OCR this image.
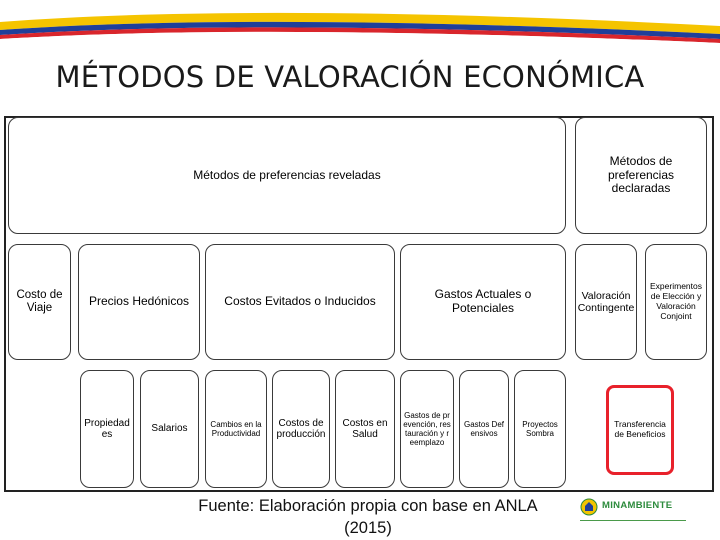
MÉTODOS DE VALORACIÓN ECONÓMICA
Métodos de preferencias reveladas
Métodos de preferencias declaradas
Costo de Viaje	Precios Hedónicos	Costos Evitados o Inducidos	Gastos Actuales o Potenciales
Valoración Contingente
Experimentos de Elección y Valoración Conjoint
Propiedades
Salarios	Cambios en la Productividad
Costos de producción
Costos en Salud
Gastos de prevención, restauración y reemplazo
Gastos Defensivos
Proyectos Sombra
Transferencia de Beneficios
Fuente: Elaboración propia con base en ANLA (2015)
MINAMBIENTE
